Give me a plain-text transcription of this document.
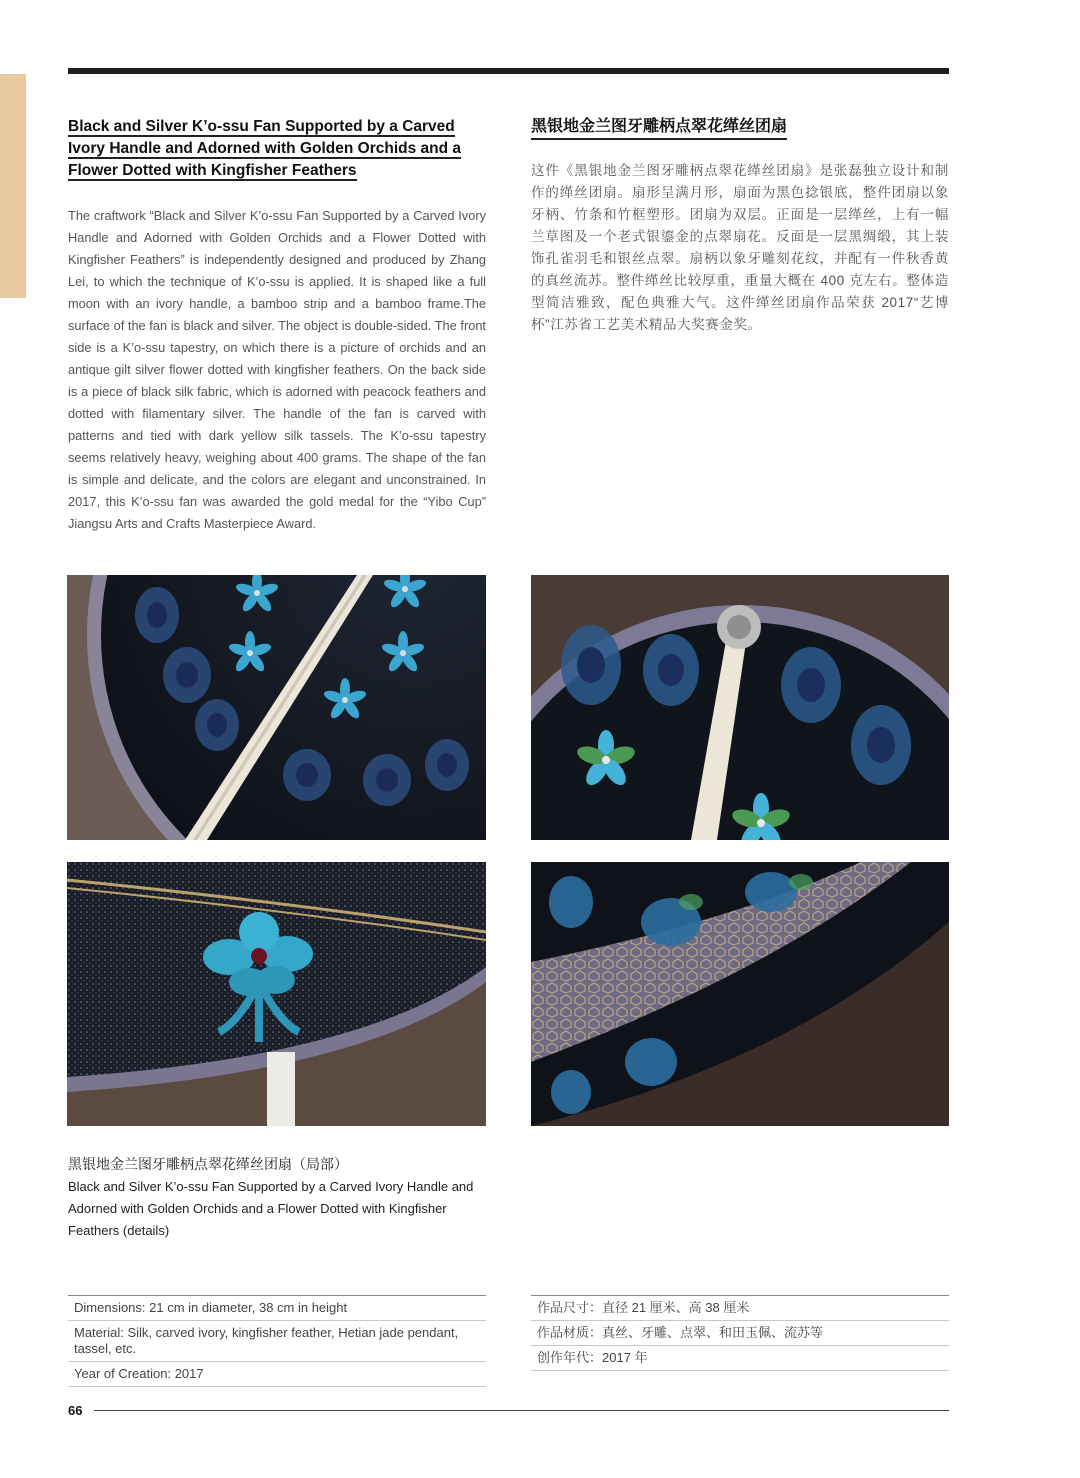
Black and Silver K’o-ssu Fan Supported by a Carved
Ivory Handle and Adorned with Golden Orchids and a
Flower Dotted with Kingfisher Feathers
黑银地金兰图牙雕柄点翠花缂丝团扇

The craftwork “Black and Silver K’o-ssu Fan Supported by a Carved Ivory Handle and Adorned with Golden Orchids and a Flower Dotted with Kingfisher Feathers” is independently designed and produced by Zhang Lei, to which the technique of K’o-ssu is applied. It is shaped like a full moon with an ivory handle, a bamboo strip and a bamboo frame.The surface of the fan is black and silver. The object is double-sided. The front side is a K’o-ssu tapestry, on which there is a picture of orchids and an antique gilt silver flower dotted with kingfisher feathers. On the back side is a piece of black silk fabric, which is adorned with peacock feathers and dotted with filamentary silver. The handle of the fan is carved with patterns and tied with dark yellow silk tassels. The K’o-ssu tapestry seems relatively heavy, weighing about 400 grams. The shape of the fan is simple and delicate, and the colors are elegant and unconstrained. In 2017, this K’o-ssu fan was awarded the gold medal for the “Yibo Cup” Jiangsu Arts and Crafts Masterpiece Award.

这件《黑银地金兰图牙雕柄点翠花缂丝团扇》是张磊独立设计和制作的缂丝团扇。扇形呈满月形，扇面为黑色捻银底，整件团扇以象牙柄、竹条和竹框塑形。团扇为双层。正面是一层缂丝，上有一幅兰草图及一个老式银鎏金的点翠扇花。反面是一层黑绸缎，其上装饰孔雀羽毛和银丝点翠。扇柄以象牙雕刻花纹，并配有一件秋香黄的真丝流苏。整件缂丝比较厚重，重量大概在 400 克左右。整体造型简洁雅致，配色典雅大气。这件缂丝团扇作品荣获 2017“艺博杯”江苏省工艺美术精品大奖赛金奖。

黑银地金兰图牙雕柄点翠花缂丝团扇（局部）

Black and Silver K’o-ssu Fan Supported by a Carved Ivory Handle and Adorned with Golden Orchids and a Flower Dotted with Kingfisher Feathers (details)

Dimensions: 21 cm in diameter, 38 cm in height
Material: Silk, carved ivory, kingfisher feather, Hetian jade pendant, tassel, etc.
Year of Creation: 2017
作品尺寸：直径 21 厘米、高 38 厘米
作品材质：真丝、牙雕、点翠、和田玉佩、流苏等
创作年代：2017 年
66
